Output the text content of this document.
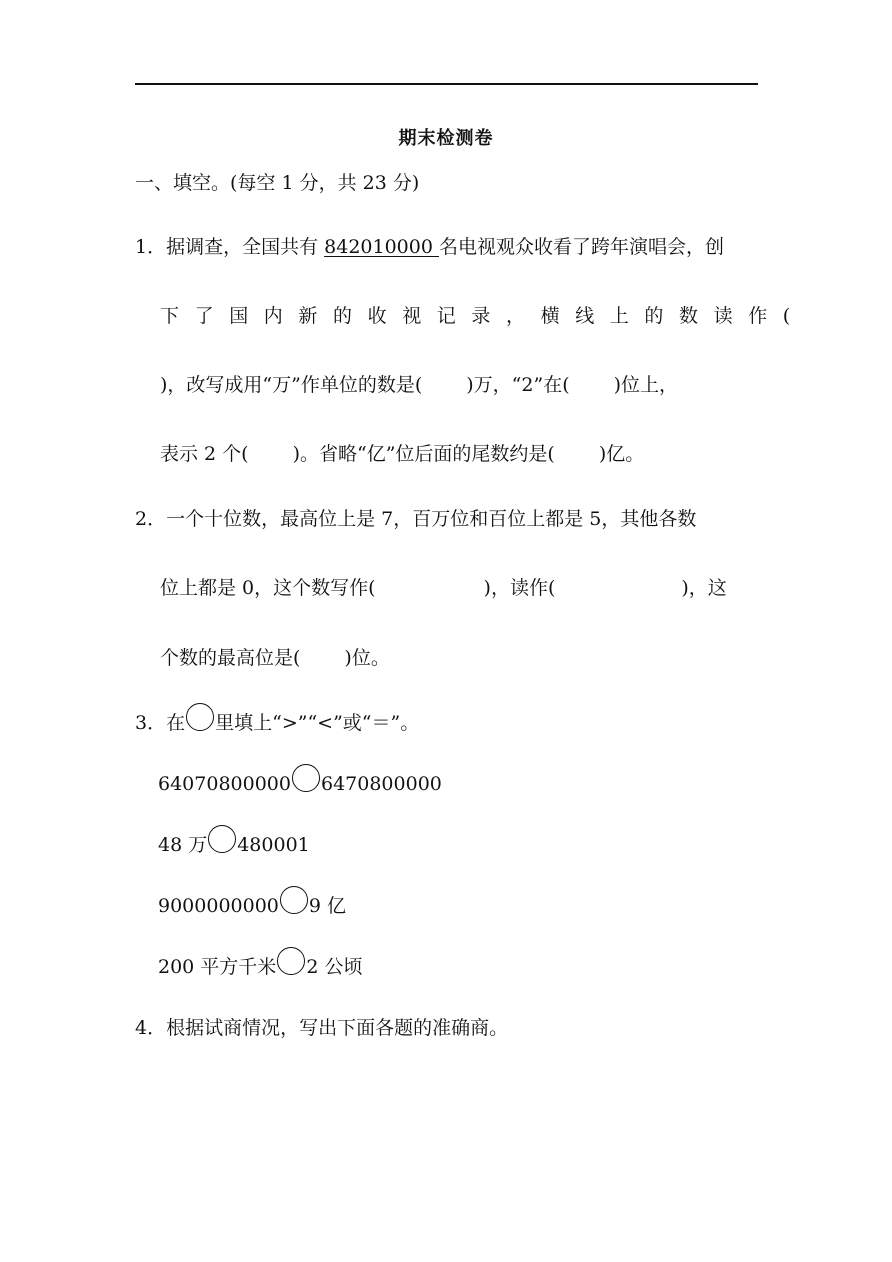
期末检测卷
一、填空。(每空 1 分，共 23 分)
1．据调查，全国共有 842010000 名电视观众收看了跨年演唱会，创
下了国内新的收视记录，横线上的数读作(
)，改写成用“万”作单位的数是( )万，“2”在( )位上，
表示 2 个( )。省略“亿”位后面的尾数约是( )亿。
2．一个十位数，最高位上是 7，百万位和百位上都是 5，其他各数
位上都是 0，这个数写作(	)，读作(	)，这
个数的最高位是( )位。
3．在 里填上“>”“<”或“＝”。
64070800000 6470800000
48 万 480001
9000000000 9 亿
200 平方千米 2 公顷
4．根据试商情况，写出下面各题的准确商。
